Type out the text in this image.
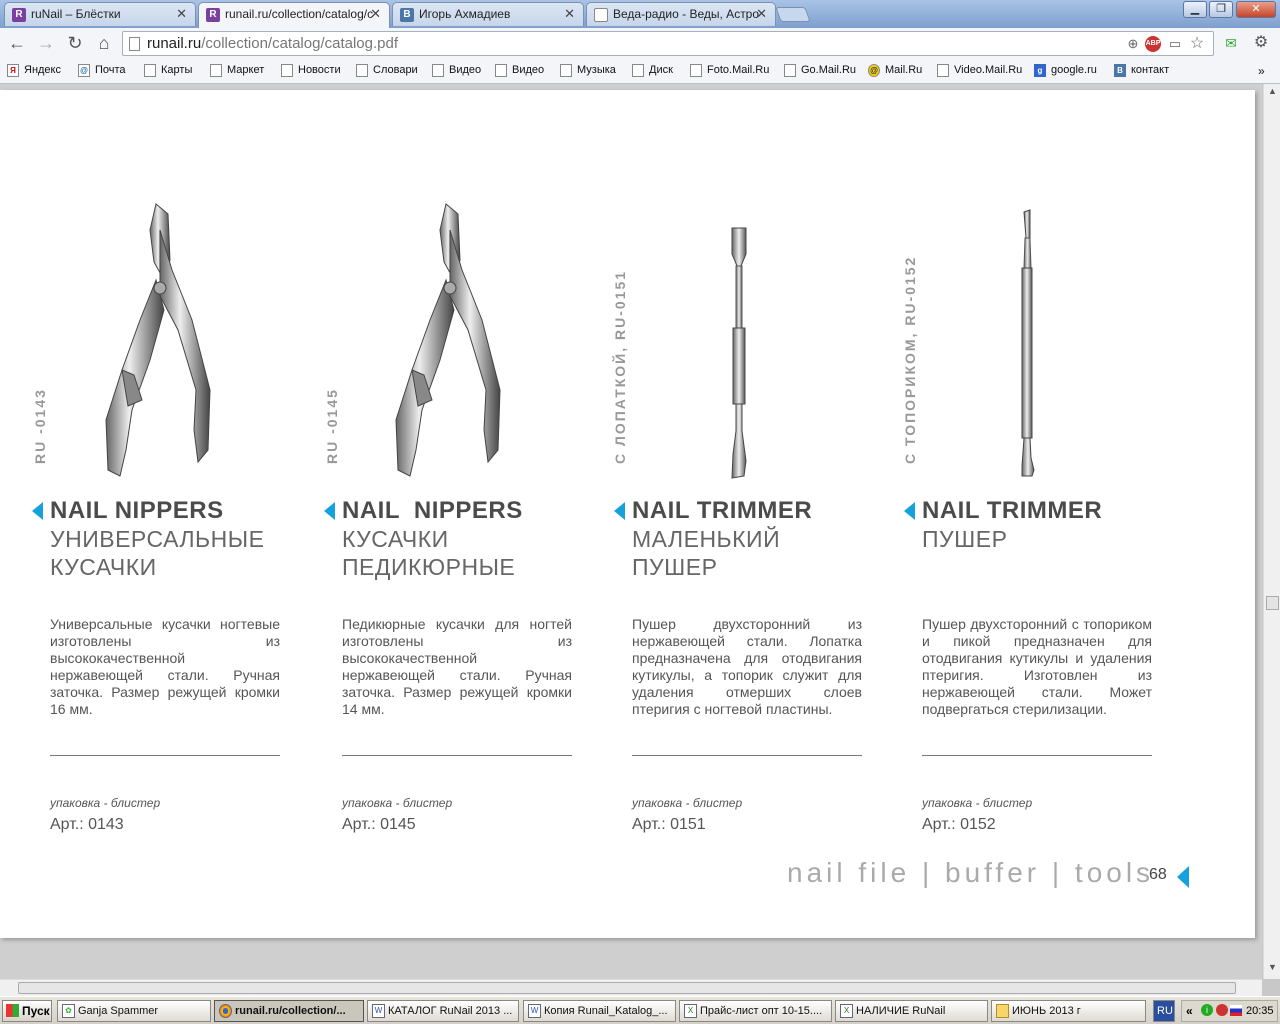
R ruNail – Блёстки	✕	R runail.ru/collection/catalog/c
✕	B Игорь Ахмадиев	✕	Веда-радио - Веды, Астро
✕	▁	❐	✕
← → ↻ ⌂	runail.ru/collection/catalog/catalog.pdf	⊕	ABP ▭ ☆	✉	⚙
Я Яндекс @ Почта	Карты	Маркет	Новости	Словари	Видео	Видео	Музыка	Диск	Foto.Mail.Ru	Go.Mail.Ru @ Mail.Ru	Video.Mail.Ru	g google.ru	B контакт	»
RU -0143
NAIL NIPPERS
УНИВЕРСАЛЬНЫЕ
КУСАЧКИ
Универсальные кусачки ногтевые изготовлены из высококачественной нержавеющей стали. Ручная заточка. Размер режущей кромки 16 мм.
упаковка - блистер
Арт.: 0143
RU -0145
NAIL  NIPPERS
КУСАЧКИ
ПЕДИКЮРНЫЕ
Педикюрные кусачки для ногтей изготовлены из высококачественной нержавеющей стали. Ручная заточка. Размер режущей кромки 14 мм.
упаковка - блистер
Арт.: 0145
С ЛОПАТКОЙ, RU-0151
NAIL TRIMMER
МАЛЕНЬКИЙ
ПУШЕР
Пушер двухсторонний из нержавеющей стали. Лопатка предназначена для отодвигания кутикулы, а топорик служит для удаления отмерших слоев птеригия с ногтевой пластины.
упаковка - блистер
Арт.: 0151
С ТОПОРИКОМ, RU-0152
NAIL TRIMMER
ПУШЕР
Пушер двухсторонний с топориком и пикой предназначен для отодвигания кутикулы и удаления птеригия. Изготовлен из нержавеющей стали. Может подвергаться стерилизации.
упаковка - блистер
Арт.: 0152
nail file | buffer | tools
68
▲
▼
Пуск	✿ Ganja Spammer	runail.ru/collection/...	W КАТАЛОГ RuNail 2013 ...	W Копия Runail_Katalog_...	X Прайс-лист опт 10-15....	X НАЛИЧИЕ RuNail	ИЮНЬ 2013 г	RU «	i	20:35
